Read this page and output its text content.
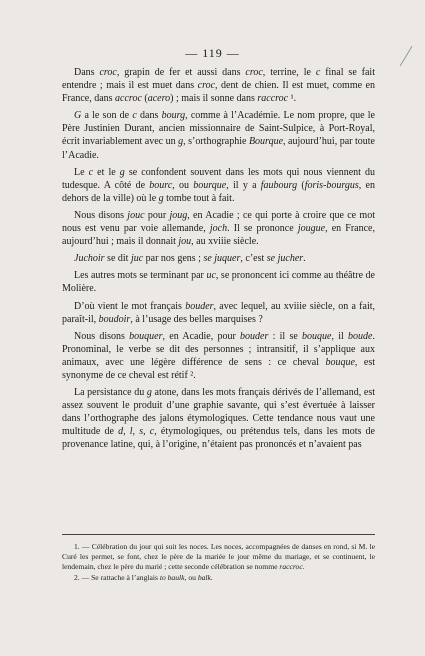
— 119 —

Dans croc, grapin de fer et aussi dans croc, terrine, le c final se fait entendre ; mais il est muet dans croc, dent de chien. Il est muet, comme en France, dans accroc (acero) ; mais il sonne dans raccroc ¹.

G a le son de c dans bourg, comme à l’Académie. Le nom propre, que le Père Justinien Durant, ancien missionnaire de Saint-Sulpice, à Port-Royal, écrit invariablement avec un g, s’orthographie Bourque, aujourd’hui, par toute l’Acadie.

Le c et le g se confondent souvent dans les mots qui nous viennent du tudesque. A côté de bourc, ou bourque, il y a faubourg (foris-bourgus, en dehors de la ville) où le g tombe tout à fait.

Nous disons jouc pour joug, en Acadie ; ce qui porte à croire que ce mot nous est venu par voie allemande, joch. Il se prononce jougue, en France, aujourd’hui ; mais il donnait jou, au xviiie siècle.

Juchoir se dit juc par nos gens ; se juquer, c’est se jucher.

Les autres mots se terminant par uc, se prononcent ici comme au théâtre de Molière.

D’où vient le mot français bouder, avec lequel, au xviiie siècle, on a fait, paraît-il, boudoir, à l’usage des belles marquises ?

Nous disons bouquer, en Acadie, pour bouder : il se bouque, il boude. Pronominal, le verbe se dit des personnes ; intransitif, il s’applique aux animaux, avec une légère différence de sens : ce cheval bouque, est synonyme de ce cheval est rétif ².

La persistance du g atone, dans les mots français dérivés de l’allemand, est assez souvent le produit d’une graphie savante, qui s’est évertuée à laisser dans l’orthographe des jalons étymologiques. Cette tendance nous vaut une multitude de d, l, s, c, étymologiques, ou prétendus tels, dans les mots de provenance latine, qui, à l’origine, n’étaient pas prononcés et n’avaient pas

1. — Célébration du jour qui suit les noces. Les noces, accompagnées de danses en rond, si M. le Curé les permet, se font, chez le père de la mariée le jour même du mariage, et se continuent, le lendemain, chez le père du marié ; cette seconde célébration se nomme raccroc.

2. — Se rattache à l’anglais to baulk, ou balk.
